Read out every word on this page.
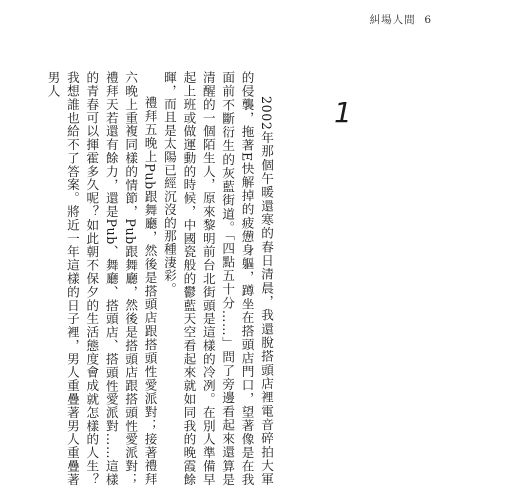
糾場人間 6
1

2002年那個午暖還寒的春日清晨，我還脫搭頭店裡電音碎拍大軍的侵襲，拖著E快解掉的疲憊身軀，蹲坐在搭頭店門口，望著像是在我面前不斷衍生的灰藍街道。「四點五十分……」問了旁邊看起來還算是清醒的一個陌生人，原來黎明前台北街頭是這樣的冷冽。在別人準備早起上班或做運動的時候，中國瓷般的鬱藍天空看起來就如同我的晚霞餘暉，而且是太陽已經沉沒的那種淒彩。

禮拜五晚上Pub跟舞廳，然後是搭頭店跟搭頭性愛派對；接著禮拜六晚上重複同樣的情節，Pub跟舞廳，然後是搭頭店跟搭頭性愛派對；禮拜天若還有餘力，還是Pub、舞廳、搭頭店、搭頭性愛派對……這樣的青春可以揮霍多久呢？如此朝不保夕的生活態度會成就怎樣的人生？我想誰也給不了答案。將近一年這樣的日子裡，男人重疊著男人重疊著男人
